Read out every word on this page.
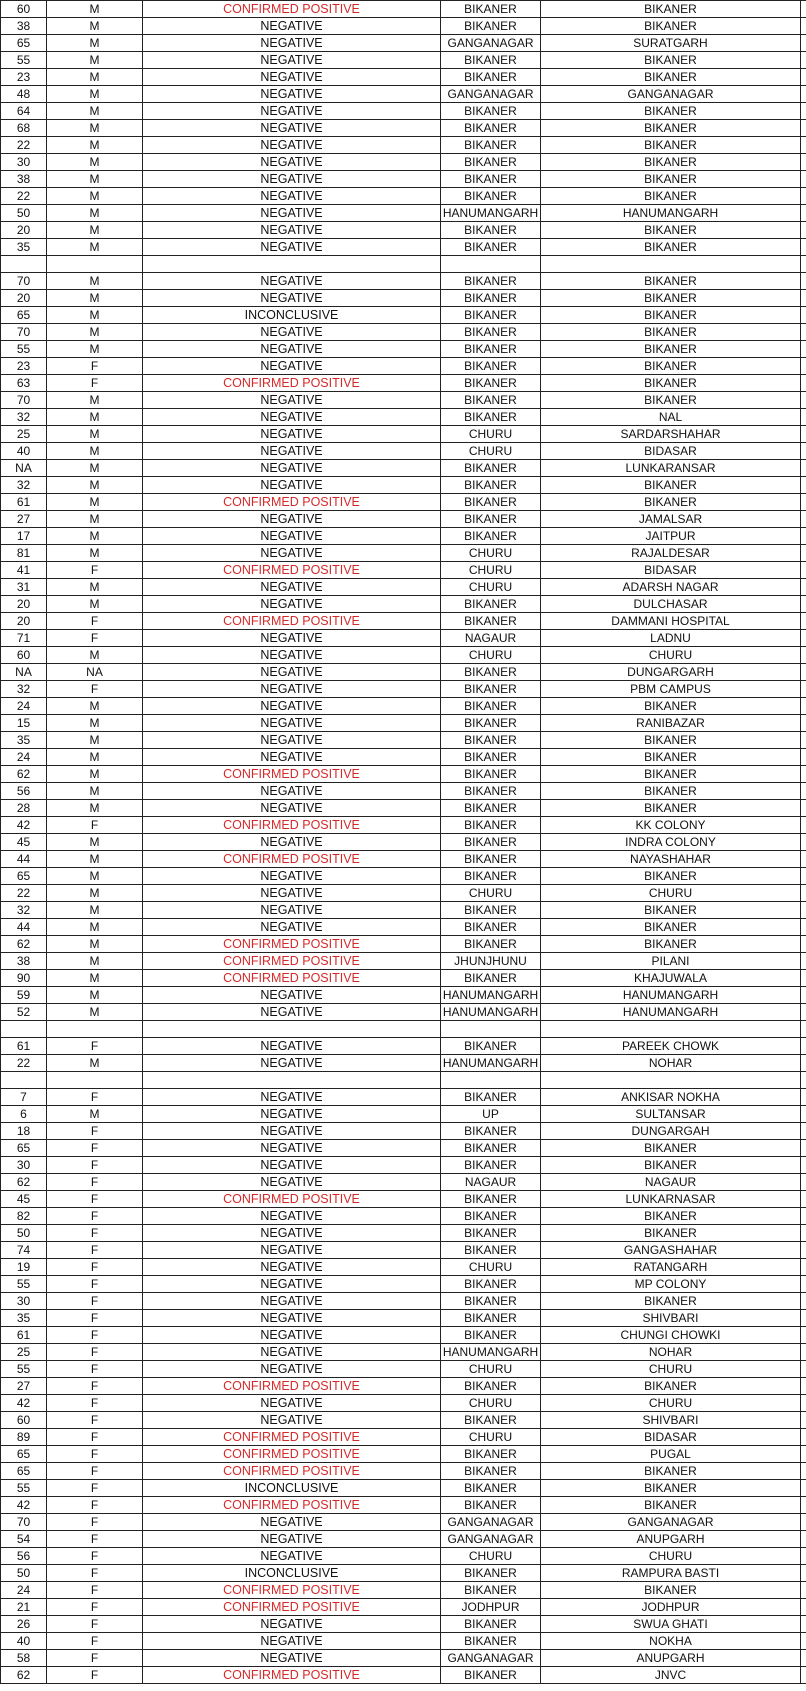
60	M	CONFIRMED POSITIVE	BIKANER	BIKANER	
38	M	NEGATIVE	BIKANER	BIKANER	
65	M	NEGATIVE	GANGANAGAR	SURATGARH	
55	M	NEGATIVE	BIKANER	BIKANER	
23	M	NEGATIVE	BIKANER	BIKANER	
48	M	NEGATIVE	GANGANAGAR	GANGANAGAR	
64	M	NEGATIVE	BIKANER	BIKANER	
68	M	NEGATIVE	BIKANER	BIKANER	
22	M	NEGATIVE	BIKANER	BIKANER	
30	M	NEGATIVE	BIKANER	BIKANER	
38	M	NEGATIVE	BIKANER	BIKANER	
22	M	NEGATIVE	BIKANER	BIKANER	
50	M	NEGATIVE	HANUMANGARH	HANUMANGARH	
20	M	NEGATIVE	BIKANER	BIKANER	
35	M	NEGATIVE	BIKANER	BIKANER	

70	M	NEGATIVE	BIKANER	BIKANER	
20	M	NEGATIVE	BIKANER	BIKANER	
65	M	INCONCLUSIVE	BIKANER	BIKANER	
70	M	NEGATIVE	BIKANER	BIKANER	
55	M	NEGATIVE	BIKANER	BIKANER	
23	F	NEGATIVE	BIKANER	BIKANER	
63	F	CONFIRMED POSITIVE	BIKANER	BIKANER	
70	M	NEGATIVE	BIKANER	BIKANER	
32	M	NEGATIVE	BIKANER	NAL	
25	M	NEGATIVE	CHURU	SARDARSHAHAR	
40	M	NEGATIVE	CHURU	BIDASAR	
NA	M	NEGATIVE	BIKANER	LUNKARANSAR	
32	M	NEGATIVE	BIKANER	BIKANER	
61	M	CONFIRMED POSITIVE	BIKANER	BIKANER	
27	M	NEGATIVE	BIKANER	JAMALSAR	
17	M	NEGATIVE	BIKANER	JAITPUR	
81	M	NEGATIVE	CHURU	RAJALDESAR	
41	F	CONFIRMED POSITIVE	CHURU	BIDASAR	
31	M	NEGATIVE	CHURU	ADARSH NAGAR	
20	M	NEGATIVE	BIKANER	DULCHASAR	
20	F	CONFIRMED POSITIVE	BIKANER	DAMMANI HOSPITAL	
71	F	NEGATIVE	NAGAUR	LADNU	
60	M	NEGATIVE	CHURU	CHURU	
NA	NA	NEGATIVE	BIKANER	DUNGARGARH	
32	F	NEGATIVE	BIKANER	PBM CAMPUS	
24	M	NEGATIVE	BIKANER	BIKANER	
15	M	NEGATIVE	BIKANER	RANIBAZAR	
35	M	NEGATIVE	BIKANER	BIKANER	
24	M	NEGATIVE	BIKANER	BIKANER	
62	M	CONFIRMED POSITIVE	BIKANER	BIKANER	
56	M	NEGATIVE	BIKANER	BIKANER	
28	M	NEGATIVE	BIKANER	BIKANER	
42	F	CONFIRMED POSITIVE	BIKANER	KK COLONY	
45	M	NEGATIVE	BIKANER	INDRA COLONY	
44	M	CONFIRMED POSITIVE	BIKANER	NAYASHAHAR	
65	M	NEGATIVE	BIKANER	BIKANER	
22	M	NEGATIVE	CHURU	CHURU	
32	M	NEGATIVE	BIKANER	BIKANER	
44	M	NEGATIVE	BIKANER	BIKANER	
62	M	CONFIRMED POSITIVE	BIKANER	BIKANER	
38	M	CONFIRMED POSITIVE	JHUNJHUNU	PILANI	
90	M	CONFIRMED POSITIVE	BIKANER	KHAJUWALA	
59	M	NEGATIVE	HANUMANGARH	HANUMANGARH	
52	M	NEGATIVE	HANUMANGARH	HANUMANGARH	

61	F	NEGATIVE	BIKANER	PAREEK CHOWK	
22	M	NEGATIVE	HANUMANGARH	NOHAR	

7	F	NEGATIVE	BIKANER	ANKISAR NOKHA	
6	M	NEGATIVE	UP	SULTANSAR	
18	F	NEGATIVE	BIKANER	DUNGARGAH	
65	F	NEGATIVE	BIKANER	BIKANER	
30	F	NEGATIVE	BIKANER	BIKANER	
62	F	NEGATIVE	NAGAUR	NAGAUR	
45	F	CONFIRMED POSITIVE	BIKANER	LUNKARNASAR	
82	F	NEGATIVE	BIKANER	BIKANER	
50	F	NEGATIVE	BIKANER	BIKANER	
74	F	NEGATIVE	BIKANER	GANGASHAHAR	
19	F	NEGATIVE	CHURU	RATANGARH	
55	F	NEGATIVE	BIKANER	MP COLONY	
30	F	NEGATIVE	BIKANER	BIKANER	
35	F	NEGATIVE	BIKANER	SHIVBARI	
61	F	NEGATIVE	BIKANER	CHUNGI CHOWKI	
25	F	NEGATIVE	HANUMANGARH	NOHAR	
55	F	NEGATIVE	CHURU	CHURU	
27	F	CONFIRMED POSITIVE	BIKANER	BIKANER	
42	F	NEGATIVE	CHURU	CHURU	
60	F	NEGATIVE	BIKANER	SHIVBARI	
89	F	CONFIRMED POSITIVE	CHURU	BIDASAR	
65	F	CONFIRMED POSITIVE	BIKANER	PUGAL	
65	F	CONFIRMED POSITIVE	BIKANER	BIKANER	
55	F	INCONCLUSIVE	BIKANER	BIKANER	
42	F	CONFIRMED POSITIVE	BIKANER	BIKANER	
70	F	NEGATIVE	GANGANAGAR	GANGANAGAR	
54	F	NEGATIVE	GANGANAGAR	ANUPGARH	
56	F	NEGATIVE	CHURU	CHURU	
50	F	INCONCLUSIVE	BIKANER	RAMPURA BASTI	
24	F	CONFIRMED POSITIVE	BIKANER	BIKANER	
21	F	CONFIRMED POSITIVE	JODHPUR	JODHPUR	
26	F	NEGATIVE	BIKANER	SWUA GHATI	
40	F	NEGATIVE	BIKANER	NOKHA	
58	F	NEGATIVE	GANGANAGAR	ANUPGARH	
62	F	CONFIRMED POSITIVE	BIKANER	JNVC	
